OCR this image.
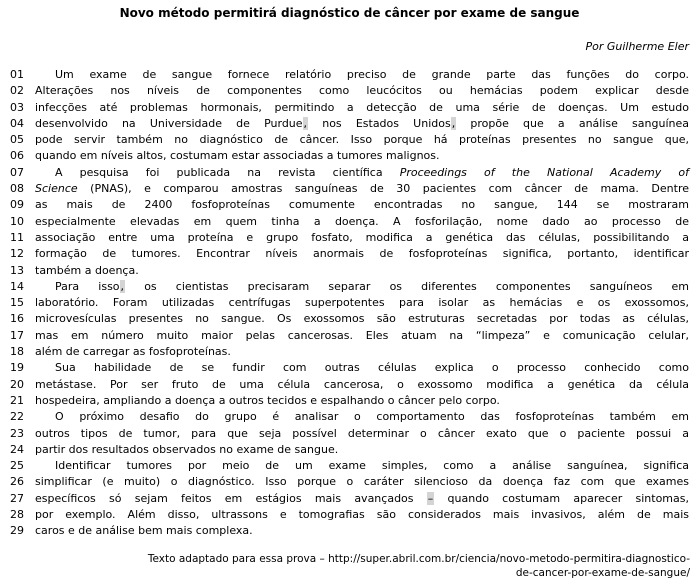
Novo método permitirá diagnóstico de câncer por exame de sangue
Por Guilherme Eler
01	Um exame de sangue fornece relatório preciso de grande parte das funções do corpo.
02 Alterações nos níveis de componentes como leucócitos ou hemácias podem explicar desde
03 infecções até problemas hormonais, permitindo a detecção de uma série de doenças. Um estudo
04 desenvolvido na Universidade de Purdue, nos Estados Unidos, propõe que a análise sanguínea
05 pode servir também no diagnóstico de câncer. Isso porque há proteínas presentes no sangue que,
06 quando em níveis altos, costumam estar associadas a tumores malignos.
07	A pesquisa foi publicada na revista científica Proceedings of the National Academy of
08 Science (PNAS), e comparou amostras sanguíneas de 30 pacientes com câncer de mama. Dentre
09 as mais de 2400 fosfoproteínas comumente encontradas no sangue, 144 se mostraram
10 especialmente elevadas em quem tinha a doença. A fosforilação, nome dado ao processo de
11 associação entre uma proteína e grupo fosfato, modifica a genética das células, possibilitando a
12 formação de tumores. Encontrar níveis anormais de fosfoproteínas significa, portanto, identificar
13 também a doença.
14	Para isso, os cientistas precisaram separar os diferentes componentes sanguíneos em
15 laboratório. Foram utilizadas centrífugas superpotentes para isolar as hemácias e os exossomos,
16 microvesículas presentes no sangue. Os exossomos são estruturas secretadas por todas as células,
17 mas em número muito maior pelas cancerosas. Eles atuam na “limpeza” e comunicação celular,
18 além de carregar as fosfoproteínas.
19	Sua habilidade de se fundir com outras células explica o processo conhecido como
20 metástase. Por ser fruto de uma célula cancerosa, o exossomo modifica a genética da célula
21 hospedeira, ampliando a doença a outros tecidos e espalhando o câncer pelo corpo.
22	O próximo desafio do grupo é analisar o comportamento das fosfoproteínas também em
23 outros tipos de tumor, para que seja possível determinar o câncer exato que o paciente possui a
24 partir dos resultados observados no exame de sangue.
25	Identificar tumores por meio de um exame simples, como a análise sanguínea, significa
26 simplificar (e muito) o diagnóstico. Isso porque o caráter silencioso da doença faz com que exames
27 específicos só sejam feitos em estágios mais avançados – quando costumam aparecer sintomas,
28 por exemplo. Além disso, ultrassons e tomografias são considerados mais invasivos, além de mais
29 caros e de análise bem mais complexa.
Texto adaptado para essa prova – http://super.abril.com.br/ciencia/novo-metodo-permitira-diagnostico-
de-cancer-por-exame-de-sangue/
